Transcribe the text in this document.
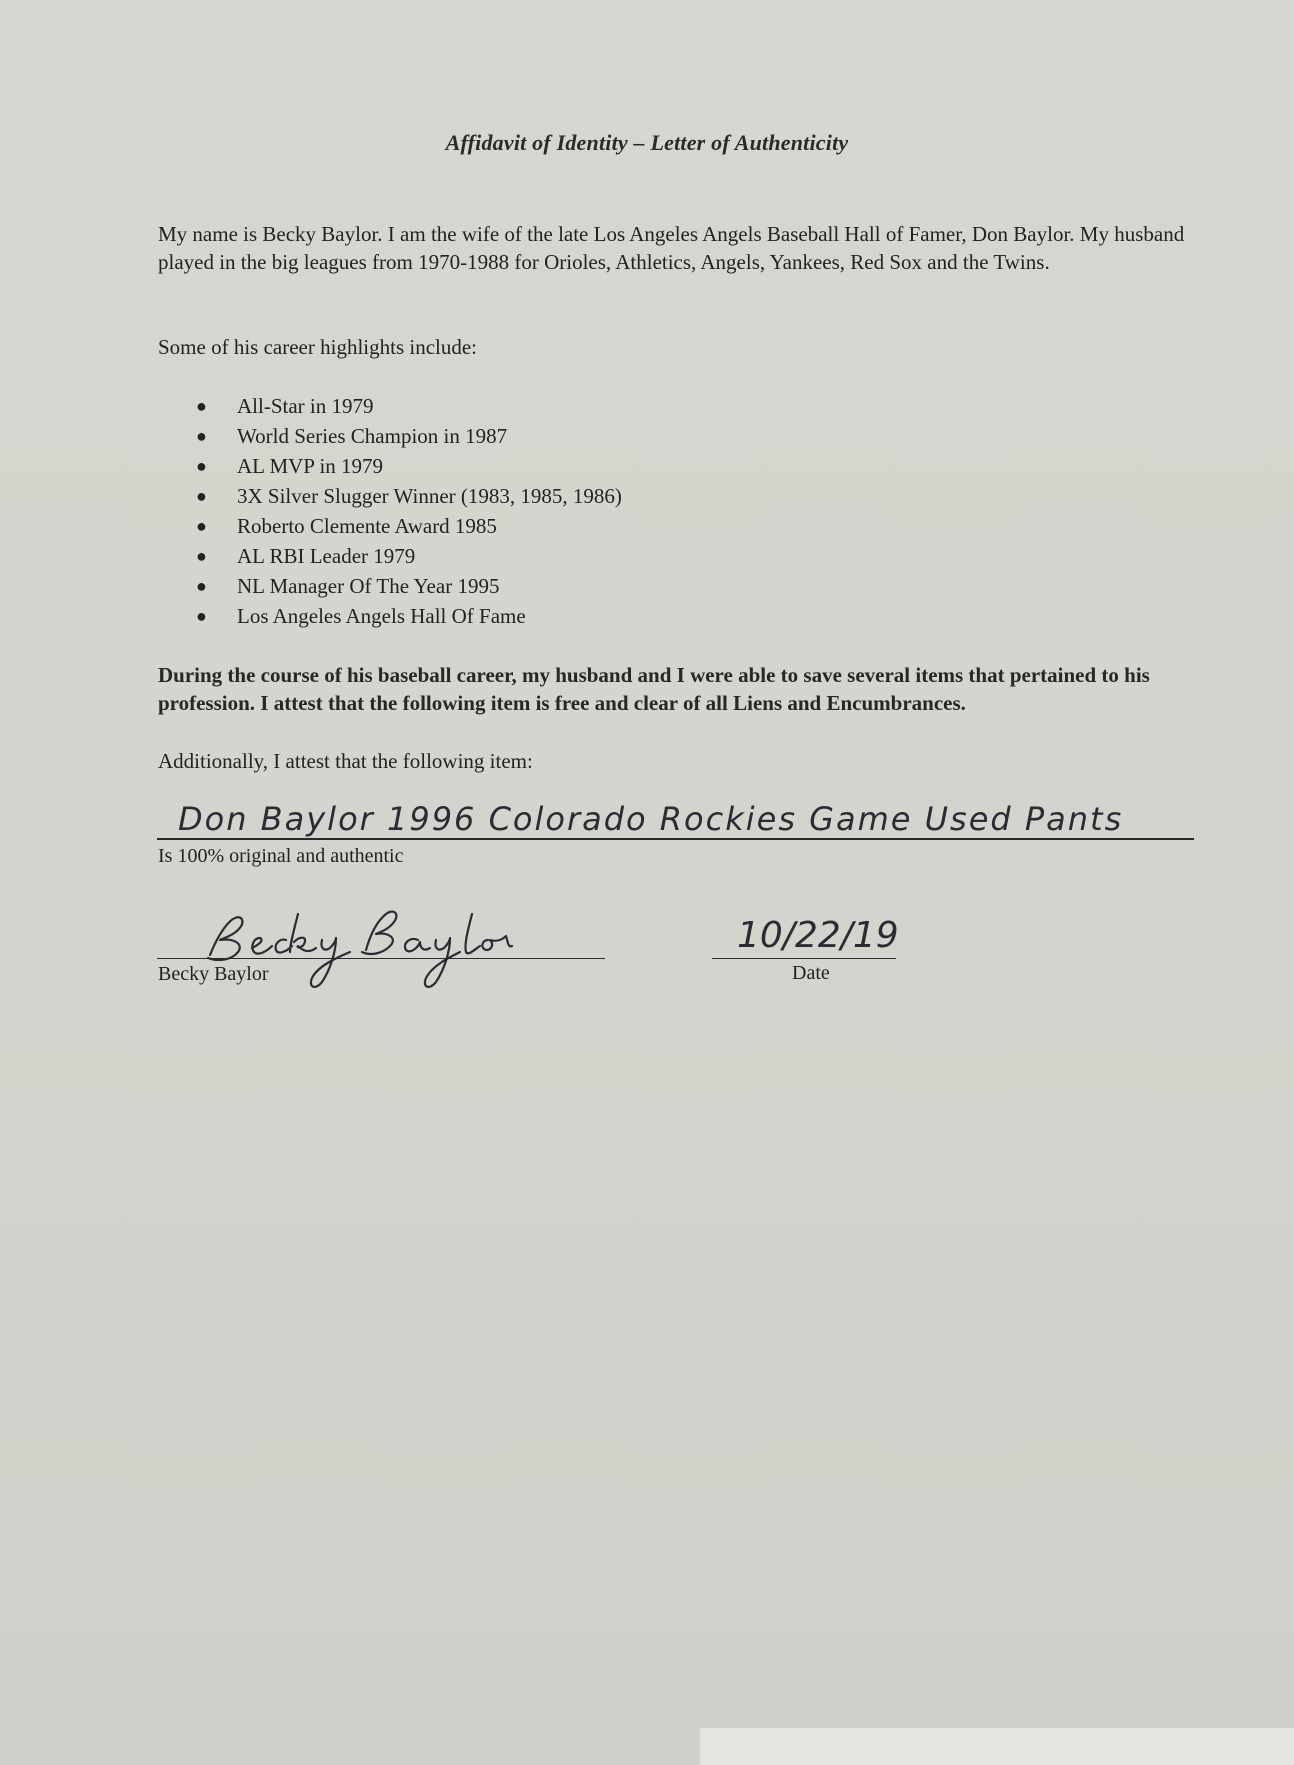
Affidavit of Identity – Letter of Authenticity
My name is Becky Baylor. I am the wife of the late Los Angeles Angels Baseball Hall of Famer, Don Baylor. My husband played in the big leagues from 1970-1988 for Orioles, Athletics, Angels, Yankees, Red Sox and the Twins.
Some of his career highlights include:
● All-Star in 1979
● World Series Champion in 1987
● AL MVP in 1979
● 3X Silver Slugger Winner (1983, 1985, 1986)
● Roberto Clemente Award 1985
● AL RBI Leader 1979
● NL Manager Of The Year 1995
● Los Angeles Angels Hall Of Fame
During the course of his baseball career, my husband and I were able to save several items that pertained to his profession. I attest that the following item is free and clear of all Liens and Encumbrances.
Additionally, I attest that the following item:
Don Baylor 1996 Colorado Rockies Game Used Pants
Is 100% original and authentic
Becky Baylor
10/22/19
Date
